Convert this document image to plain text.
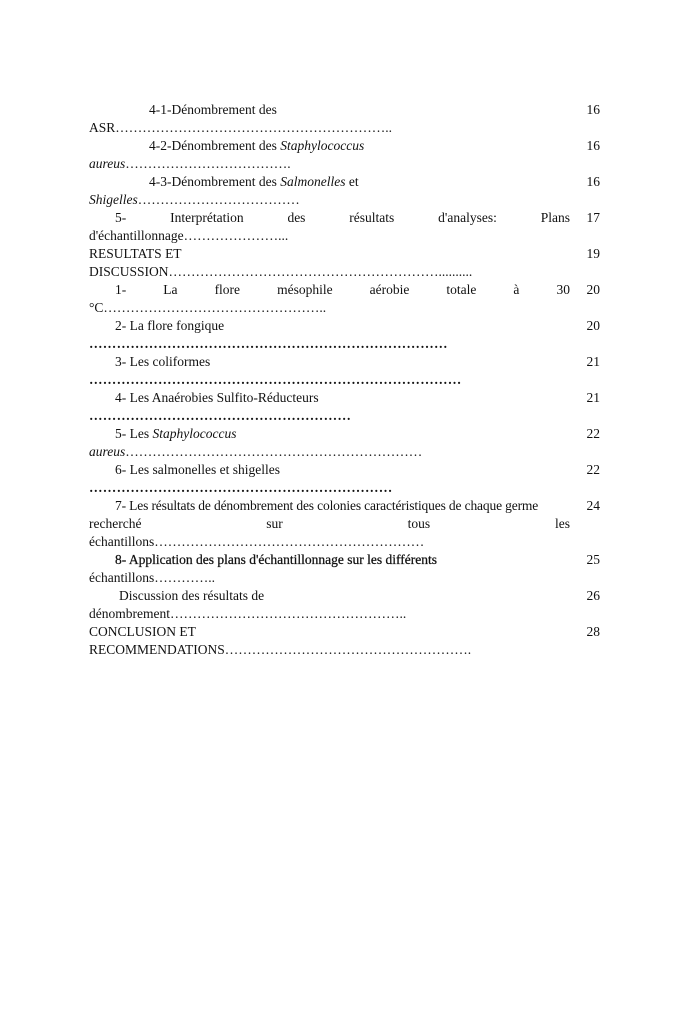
4-1-Dénombrement des	16
ASR……………………………………………………..
4-2-Dénombrement des Staphylococcus	16
aureus……………………………….
4-3-Dénombrement des Salmonelles et	16
Shigelles………………………………
5-	Interprétation	des	résultats	d'analyses:	Plans	17
d'échantillonnage…………………...
RESULTATS ET	19
DISCUSSION……………………………………………………..........
1-	La	flore	mésophile	aérobie	totale	à	30	20
°C…………………………………………..
2- La flore fongique	20
……………………………………………………………………
3- Les coliformes	21
………………………………………………………………………
4- Les Anaérobies Sulfito-Réducteurs	21
…………………………………………………
5- Les Staphylococcus	22
aureus…………………………………………………………
6- Les salmonelles et shigelles	22
…………………………………………………………
7- Les résultats de dénombrement des colonies caractéristiques de chaque germe	24
recherché	sur	tous	les
échantillons……………………………………………………
8- Application des plans d'échantillonnage sur les différents	25
échantillons…………..
Discussion des résultats de	26
dénombrement……………………………………………..
CONCLUSION ET	28
RECOMMENDATIONS……………………………………………….
